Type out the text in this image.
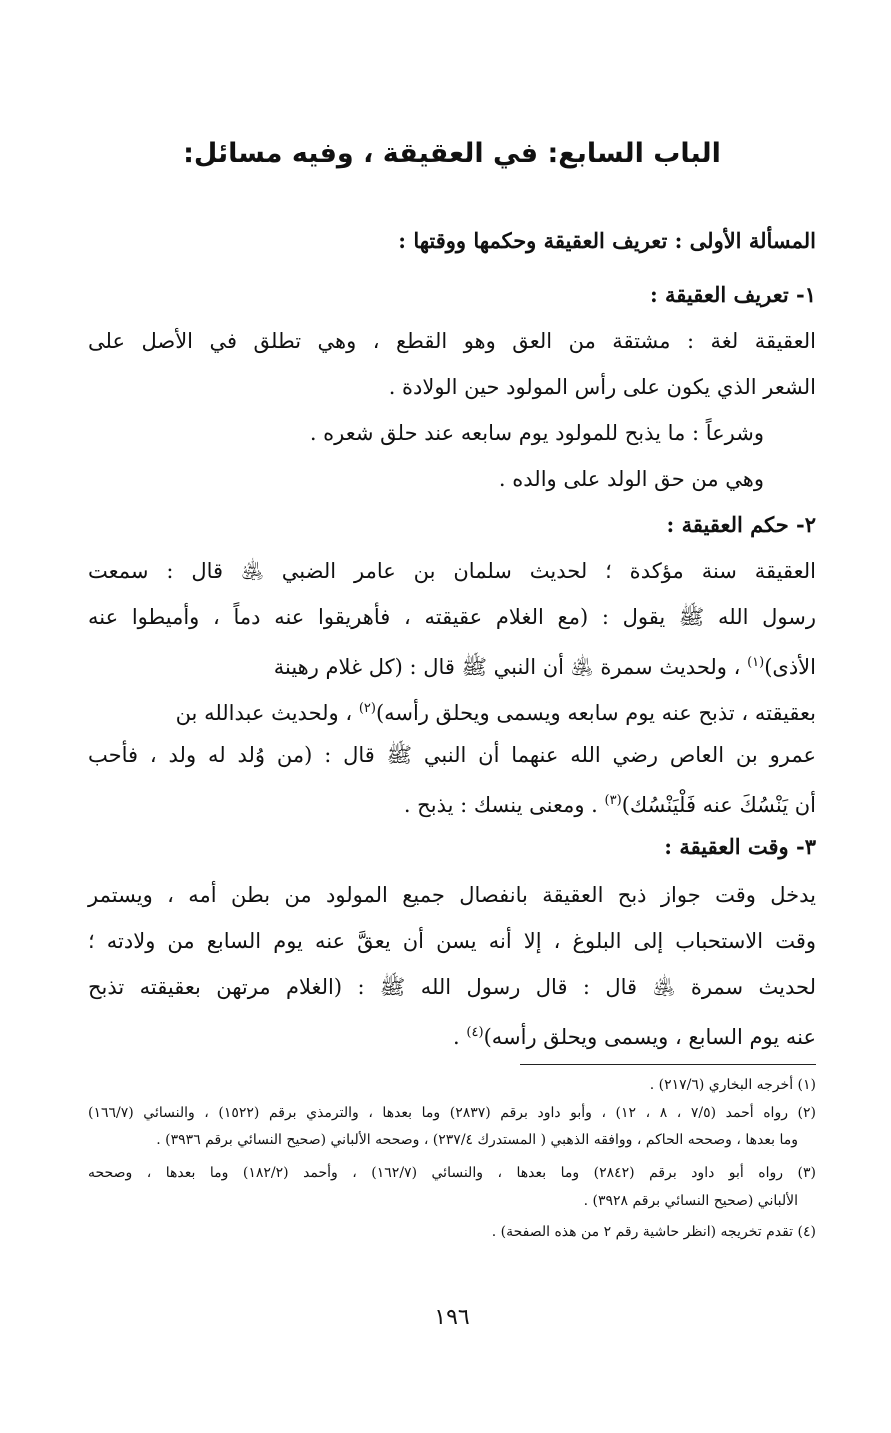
الباب السابع: في العقيقة ، وفيه مسائل:
المسألة الأولى : تعريف العقيقة وحكمها ووقتها :
١- تعريف العقيقة :
العقيقة لغة : مشتقة من العق وهو القطع ، وهي تطلق في الأصل على
الشعر الذي يكون على رأس المولود حين الولادة .
وشرعاً : ما يذبح للمولود يوم سابعه عند حلق شعره .
وهي من حق الولد على والده .
٢- حكم العقيقة :
العقيقة سنة مؤكدة ؛ لحديث سلمان بن عامر الضبي ﵁ قال : سمعت
رسول الله ﷺ يقول : (مع الغلام عقيقته ، فأهريقوا عنه دماً ، وأميطوا عنه
الأذى)$^{(١)}$ ، ولحديث سمرة ﵁ أن النبي ﷺ قال : (كل غلام رهينة
بعقيقته ، تذبح عنه يوم سابعه ويسمى ويحلق رأسه)$^{(٢)}$ ، ولحديث عبدالله بن
عمرو بن العاص رضي الله عنهما أن النبي ﷺ قال : (من وُلد له ولد ، فأحب
أن يَنْسُكَ عنه فَلْيَنْسُك)$^{(٣)}$ . ومعنى ينسك : يذبح .
٣- وقت العقيقة :
يدخل وقت جواز ذبح العقيقة بانفصال جميع المولود من بطن أمه ، ويستمر
وقت الاستحباب إلى البلوغ ، إلا أنه يسن أن يعقَّ عنه يوم السابع من ولادته ؛
لحديث سمرة ﵁ قال : قال رسول الله ﷺ : (الغلام مرتهن بعقيقته تذبح
عنه يوم السابع ، ويسمى ويحلق رأسه)$^{(٤)}$ .
(١) أخرجه البخاري (٢١٧/٦) .
(٢) رواه أحمد (٧/٥ ، ٨ ، ١٢) ، وأبو داود برقم (٢٨٣٧) وما بعدها ، والترمذي برقم (١٥٢٢) ، والنسائي (١٦٦/٧)
وما بعدها ، وصححه الحاكم ، ووافقه الذهبي ( المستدرك ٢٣٧/٤) ، وصححه الألباني (صحيح النسائي برقم ٣٩٣٦) .
(٣) رواه أبو داود برقم (٢٨٤٢) وما بعدها ، والنسائي (١٦٢/٧) ، وأحمد (١٨٢/٢) وما بعدها ، وصححه
الألباني (صحيح النسائي برقم ٣٩٢٨) .
(٤) تقدم تخريجه (انظر حاشية رقم ٢ من هذه الصفحة) .
١٩٦
